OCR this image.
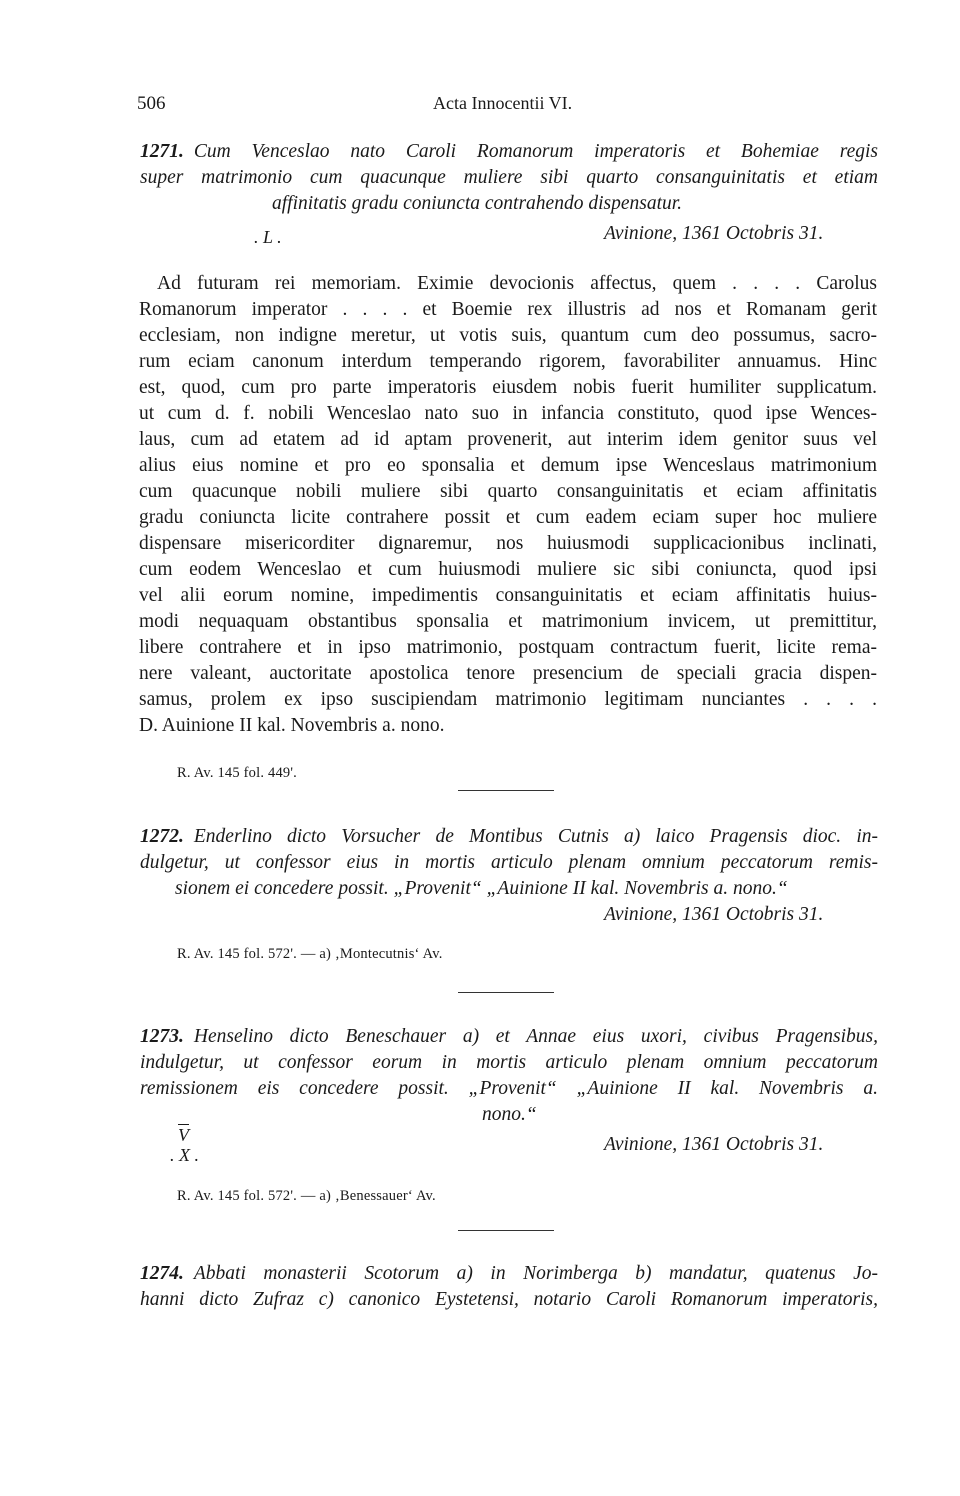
506	Acta Innocentii VI.
1271. Cum Venceslao nato Caroli Romanorum imperatoris et Bohemiae regis
super matrimonio cum quacunque muliere sibi quarto consanguinitatis et etiam
affinitatis gradu coniuncta contrahendo dispensatur.
. L .	Avinione, 1361 Octobris 31.
Ad futuram rei memoriam. Eximie devocionis affectus, quem . . . . Carolus
Romanorum imperator . . . . et Boemie rex illustris ad nos et Romanam gerit
ecclesiam, non indigne meretur, ut votis suis, quantum cum deo possumus, sacro-
rum eciam canonum interdum temperando rigorem, favorabiliter annuamus. Hinc
est, quod, cum pro parte imperatoris eiusdem nobis fuerit humiliter supplicatum.
ut cum d. f. nobili Wenceslao nato suo in infancia constituto, quod ipse Wences-
laus, cum ad etatem ad id aptam provenerit, aut interim idem genitor suus vel
alius eius nomine et pro eo sponsalia et demum ipse Wenceslaus matrimonium
cum quacunque nobili muliere sibi quarto consanguinitatis et eciam affinitatis
gradu coniuncta licite contrahere possit et cum eadem eciam super hoc muliere
dispensare misericorditer dignaremur, nos huiusmodi supplicacionibus inclinati,
cum eodem Wenceslao et cum huiusmodi muliere sic sibi coniuncta, quod ipsi
vel alii eorum nomine, impedimentis consanguinitatis et eciam affinitatis huius-
modi nequaquam obstantibus sponsalia et matrimonium invicem, ut premittitur,
libere contrahere et in ipso matrimonio, postquam contractum fuerit, licite rema-
nere valeant, auctoritate apostolica tenore presencium de speciali gracia dispen-
samus, prolem ex ipso suscipiendam matrimonio legitimam nunciantes . . . .
D. Auinione II kal. Novembris a. nono.
R. Av. 145 fol. 449'.
1272. Enderlino dicto Vorsucher de Montibus Cutnis a) laico Pragensis dioc. in-
dulgetur, ut confessor eius in mortis articulo plenam omnium peccatorum remis-
sionem ei concedere possit. „Provenit“ „Auinione II kal. Novembris a. nono.“
Avinione, 1361 Octobris 31.
R. Av. 145 fol. 572'. — a) ‚Montecutnis‘ Av.
1273. Henselino dicto Beneschauer a) et Annae eius uxori, civibus Pragensibus,
indulgetur, ut confessor eorum in mortis articulo plenam omnium peccatorum
remissionem eis concedere possit. „Provenit“ „Auinione II kal. Novembris a.
nono.“
$\overline{V}$
. X .	Avinione, 1361 Octobris 31.
R. Av. 145 fol. 572'. — a) ‚Benessauer‘ Av.
1274. Abbati monasterii Scotorum a) in Norimberga b) mandatur, quatenus Jo-
hanni dicto Zufraz c) canonico Eystetensi, notario Caroli Romanorum imperatoris,
